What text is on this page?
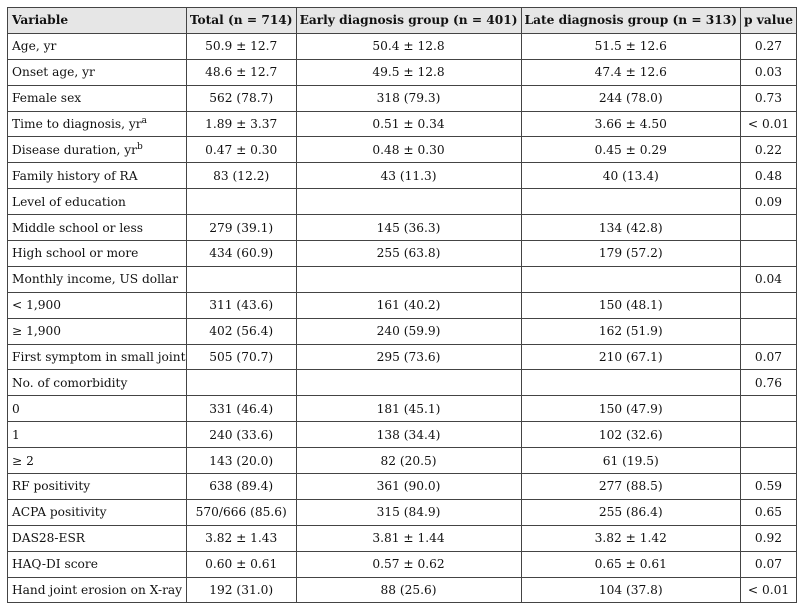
Variable	Total (n = 714)	Early diagnosis group (n = 401)	Late diagnosis group (n = 313)	p value
Age, yr	50.9 ± 12.7	50.4 ± 12.8	51.5 ± 12.6	0.27
Onset age, yr	48.6 ± 12.7	49.5 ± 12.8	47.4 ± 12.6	0.03
Female sex	562 (78.7)	318 (79.3)	244 (78.0)	0.73
Time to diagnosis, $yr^a$	1.89 ± 3.37	0.51 ± 0.34	3.66 ± 4.50	< 0.01
Disease duration, $yr^b$	0.47 ± 0.30	0.48 ± 0.30	0.45 ± 0.29	0.22
Family history of RA	83 (12.2)	43 (11.3)	40 (13.4)	0.48
Level of education				0.09
Middle school or less	279 (39.1)	145 (36.3)	134 (42.8)	
High school or more	434 (60.9)	255 (63.8)	179 (57.2)	
Monthly income, US dollar				0.04
< 1,900	311 (43.6)	161 (40.2)	150 (48.1)	
≥ 1,900	402 (56.4)	240 (59.9)	162 (51.9)	
First symptom in small joint	505 (70.7)	295 (73.6)	210 (67.1)	0.07
No. of comorbidity				0.76
0	331 (46.4)	181 (45.1)	150 (47.9)	
1	240 (33.6)	138 (34.4)	102 (32.6)	
≥ 2	143 (20.0)	82 (20.5)	61 (19.5)	
RF positivity	638 (89.4)	361 (90.0)	277 (88.5)	0.59
ACPA positivity	570/666 (85.6)	315 (84.9)	255 (86.4)	0.65
DAS28-ESR	3.82 ± 1.43	3.81 ± 1.44	3.82 ± 1.42	0.92
HAQ-DI score	0.60 ± 0.61	0.57 ± 0.62	0.65 ± 0.61	0.07
Hand joint erosion on X-ray	192 (31.0)	88 (25.6)	104 (37.8)	< 0.01
